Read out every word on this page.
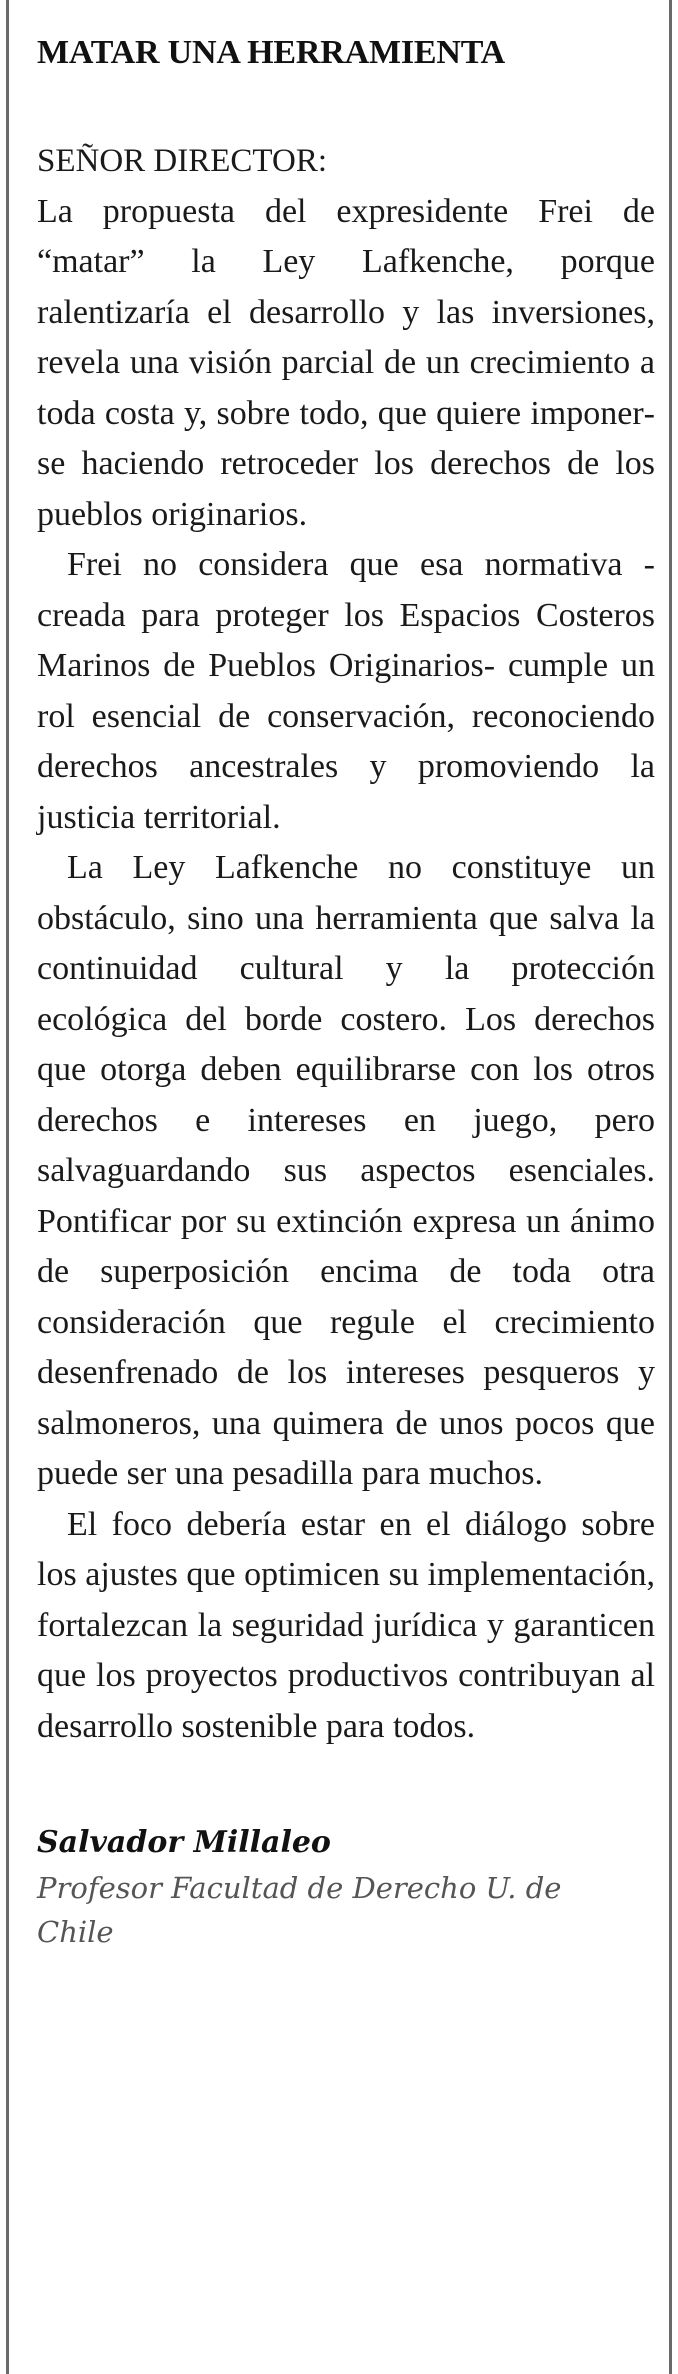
MATAR UNA HERRAMIENTA

SEÑOR DIRECTOR:

La propuesta del expresidente Frei de “matar” la Ley Lafkenche, porque ralentizaría el desarrollo y las inversiones, revela una visión parcial de un crecimiento a toda costa y, sobre todo, que quiere imponerse haciendo retroceder los derechos de los pueblos originarios.

Frei no considera que esa normativa -creada para proteger los Espacios Costeros Marinos de Pueblos Originarios- cumple un rol esencial de conservación, reconociendo derechos ancestrales y promoviendo la justicia territorial.

La Ley Lafkenche no constituye un obstáculo, sino una herramienta que salva la continuidad cultural y la protección ecológica del borde costero. Los derechos que otorga deben equilibrarse con los otros derechos e intereses en juego, pero salvaguardando sus aspectos esenciales. Pontificar por su extinción expresa un ánimo de superposición encima de toda otra consideración que regule el crecimiento desenfrenado de los intereses pesqueros y salmoneros, una quimera de unos pocos que puede ser una pesadilla para muchos.

El foco debería estar en el diálogo sobre los ajustes que optimicen su implementación, fortalezcan la seguridad jurídica y garanticen que los proyectos productivos contribuyan al desarrollo sostenible para todos.

Salvador Millaleo

Profesor Facultad de Derecho U. de Chile
